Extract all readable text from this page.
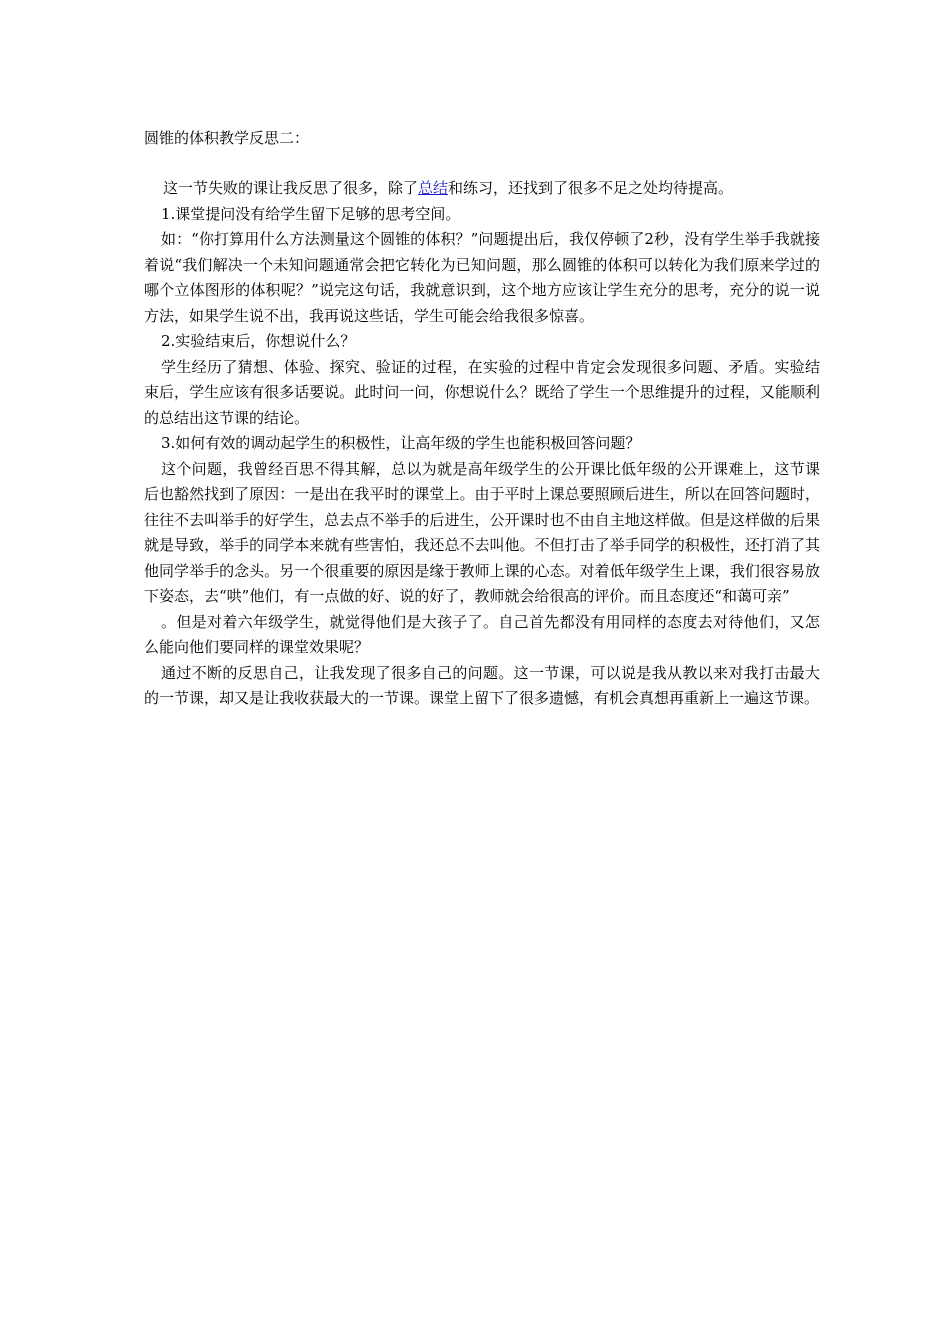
圆锥的体积教学反思二：

这一节失败的课让我反思了很多，除了总结和练习，还找到了很多不足之处均待提高。

1.课堂提问没有给学生留下足够的思考空间。

如：“你打算用什么方法测量这个圆锥的体积？”问题提出后，我仅停顿了2秒，没有学生举手我就接着说“我们解决一个未知问题通常会把它转化为已知问题，那么圆锥的体积可以转化为我们原来学过的哪个立体图形的体积呢？”说完这句话，我就意识到，这个地方应该让学生充分的思考，充分的说一说方法，如果学生说不出，我再说这些话，学生可能会给我很多惊喜。

2.实验结束后，你想说什么？

学生经历了猜想、体验、探究、验证的过程，在实验的过程中肯定会发现很多问题、矛盾。实验结束后，学生应该有很多话要说。此时问一问，你想说什么？既给了学生一个思维提升的过程，又能顺利的总结出这节课的结论。

3.如何有效的调动起学生的积极性，让高年级的学生也能积极回答问题？

这个问题，我曾经百思不得其解，总以为就是高年级学生的公开课比低年级的公开课难上，这节课后也豁然找到了原因：一是出在我平时的课堂上。由于平时上课总要照顾后进生，所以在回答问题时，往往不去叫举手的好学生，总去点不举手的后进生，公开课时也不由自主地这样做。但是这样做的后果就是导致，举手的同学本来就有些害怕，我还总不去叫他。不但打击了举手同学的积极性，还打消了其他同学举手的念头。另一个很重要的原因是缘于教师上课的心态。对着低年级学生上课，我们很容易放下姿态，去“哄”他们，有一点做的好、说的好了，教师就会给很高的评价。而且态度还“和蔼可亲”

。但是对着六年级学生，就觉得他们是大孩子了。自己首先都没有用同样的态度去对待他们，又怎么能向他们要同样的课堂效果呢？

通过不断的反思自己，让我发现了很多自己的问题。这一节课，可以说是我从教以来对我打击最大的一节课，却又是让我收获最大的一节课。课堂上留下了很多遗憾，有机会真想再重新上一遍这节课。
